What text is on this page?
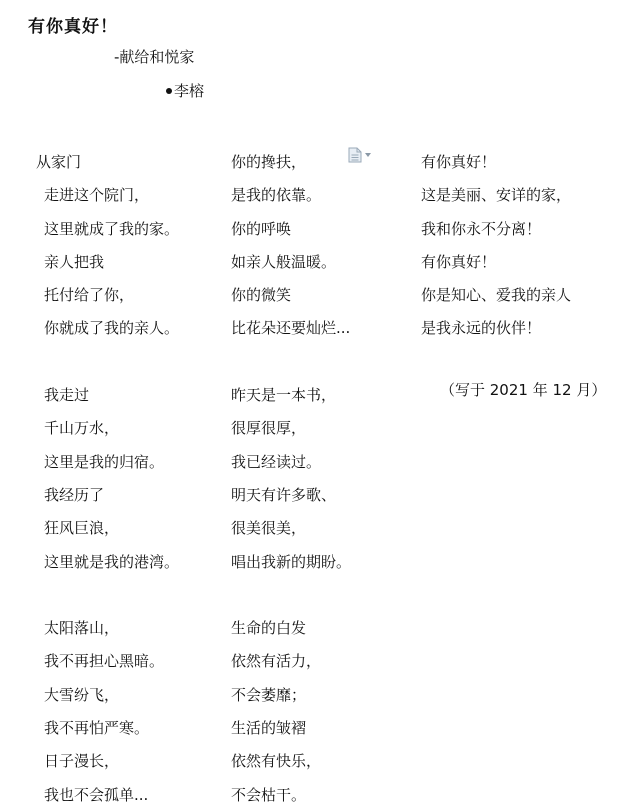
有你真好！
-献给和悦家
李榕
从家门
走进这个院门，
这里就成了我的家。
亲人把我
托付给了你，
你就成了我的亲人。
我走过
千山万水，
这里是我的归宿。
我经历了
狂风巨浪，
这里就是我的港湾。
太阳落山，
我不再担心黑暗。
大雪纷飞，
我不再怕严寒。
日子漫长，
我也不会孤单...
你的搀扶，
是我的依靠。
你的呼唤
如亲人般温暖。
你的微笑
比花朵还要灿烂...
昨天是一本书，
很厚很厚，
我已经读过。
明天有许多歌、
很美很美，
唱出我新的期盼。
生命的白发
依然有活力，
不会萎靡；
生活的皱褶
依然有快乐，
不会枯干。
有你真好！
这是美丽、安详的家，
我和你永不分离！
有你真好！
你是知心、爱我的亲人
是我永远的伙伴！
（写于 2021 年 12 月）
